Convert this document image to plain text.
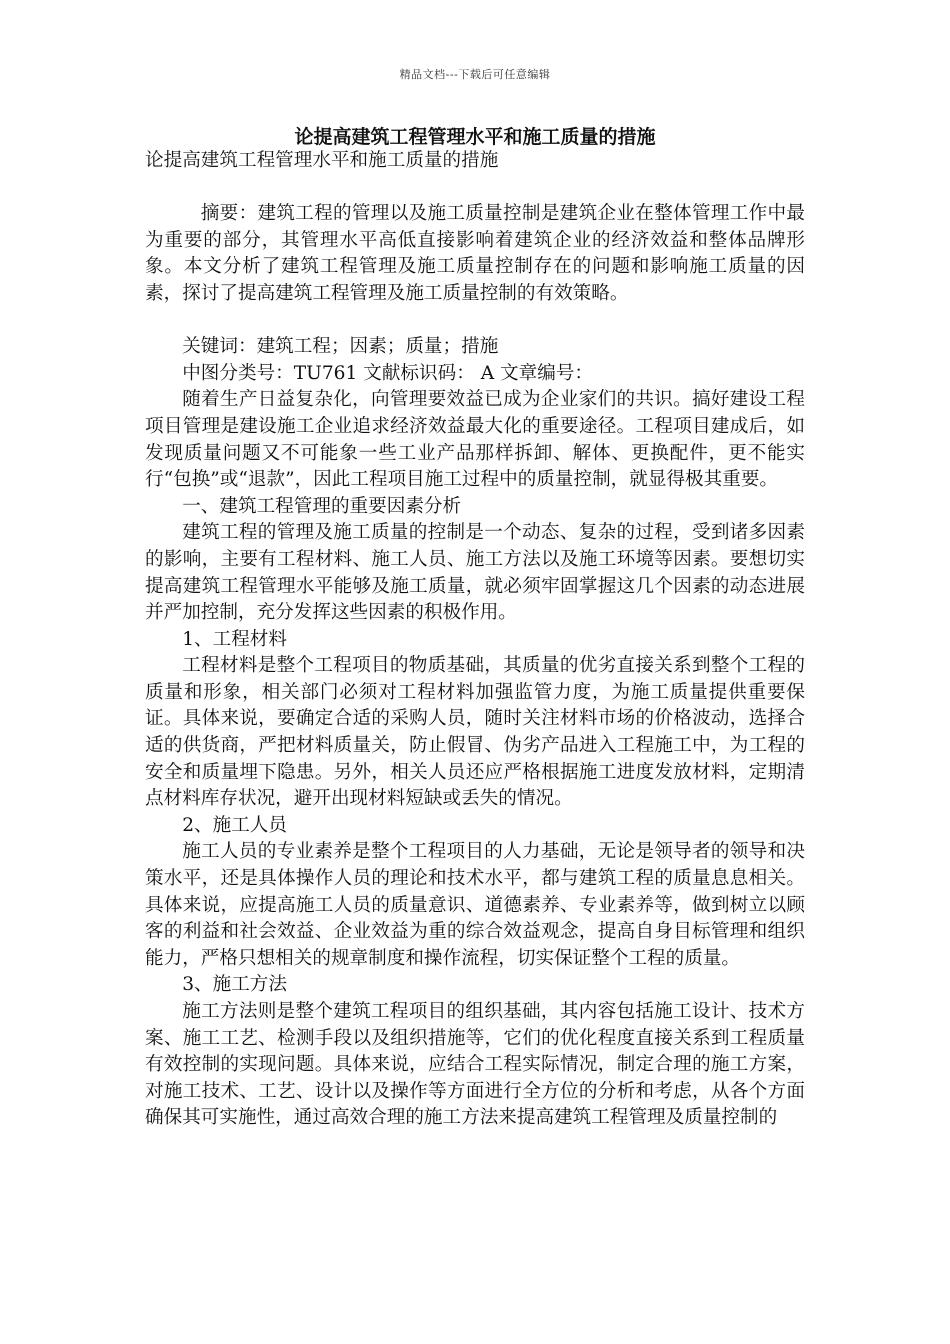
精品文档---下载后可任意编辑
论提高建筑工程管理水平和施工质量的措施

论提高建筑工程管理水平和施工质量的措施

摘要：建筑工程的管理以及施工质量控制是建筑企业在整体管理工作中最为重要的部分，其管理水平高低直接影响着建筑企业的经济效益和整体品牌形象。本文分析了建筑工程管理及施工质量控制存在的问题和影响施工质量的因素，探讨了提高建筑工程管理及施工质量控制的有效策略。

关键词：建筑工程；因素；质量；措施

中图分类号：TU761 文献标识码： A 文章编号：

随着生产日益复杂化，向管理要效益已成为企业家们的共识。搞好建设工程项目管理是建设施工企业追求经济效益最大化的重要途径。工程项目建成后，如发现质量问题又不可能象一些工业产品那样拆卸、解体、更换配件，更不能实行“包换”或“退款”，因此工程项目施工过程中的质量控制，就显得极其重要。

一、建筑工程管理的重要因素分析

建筑工程的管理及施工质量的控制是一个动态、复杂的过程，受到诸多因素的影响，主要有工程材料、施工人员、施工方法以及施工环境等因素。要想切实提高建筑工程管理水平能够及施工质量，就必须牢固掌握这几个因素的动态进展并严加控制，充分发挥这些因素的积极作用。

1、工程材料

工程材料是整个工程项目的物质基础，其质量的优劣直接关系到整个工程的质量和形象，相关部门必须对工程材料加强监管力度，为施工质量提供重要保证。具体来说，要确定合适的采购人员，随时关注材料市场的价格波动，选择合适的供货商，严把材料质量关，防止假冒、伪劣产品进入工程施工中，为工程的安全和质量埋下隐患。另外，相关人员还应严格根据施工进度发放材料，定期清点材料库存状况，避开出现材料短缺或丢失的情况。

2、施工人员

施工人员的专业素养是整个工程项目的人力基础，无论是领导者的领导和决策水平，还是具体操作人员的理论和技术水平，都与建筑工程的质量息息相关。具体来说，应提高施工人员的质量意识、道德素养、专业素养等，做到树立以顾客的利益和社会效益、企业效益为重的综合效益观念，提高自身目标管理和组织能力，严格只想相关的规章制度和操作流程，切实保证整个工程的质量。

3、施工方法

施工方法则是整个建筑工程项目的组织基础，其内容包括施工设计、技术方案、施工工艺、检测手段以及组织措施等，它们的优化程度直接关系到工程质量有效控制的实现问题。具体来说，应结合工程实际情况，制定合理的施工方案，对施工技术、工艺、设计以及操作等方面进行全方位的分析和考虑，从各个方面确保其可实施性，通过高效合理的施工方法来提高建筑工程管理及质量控制的
